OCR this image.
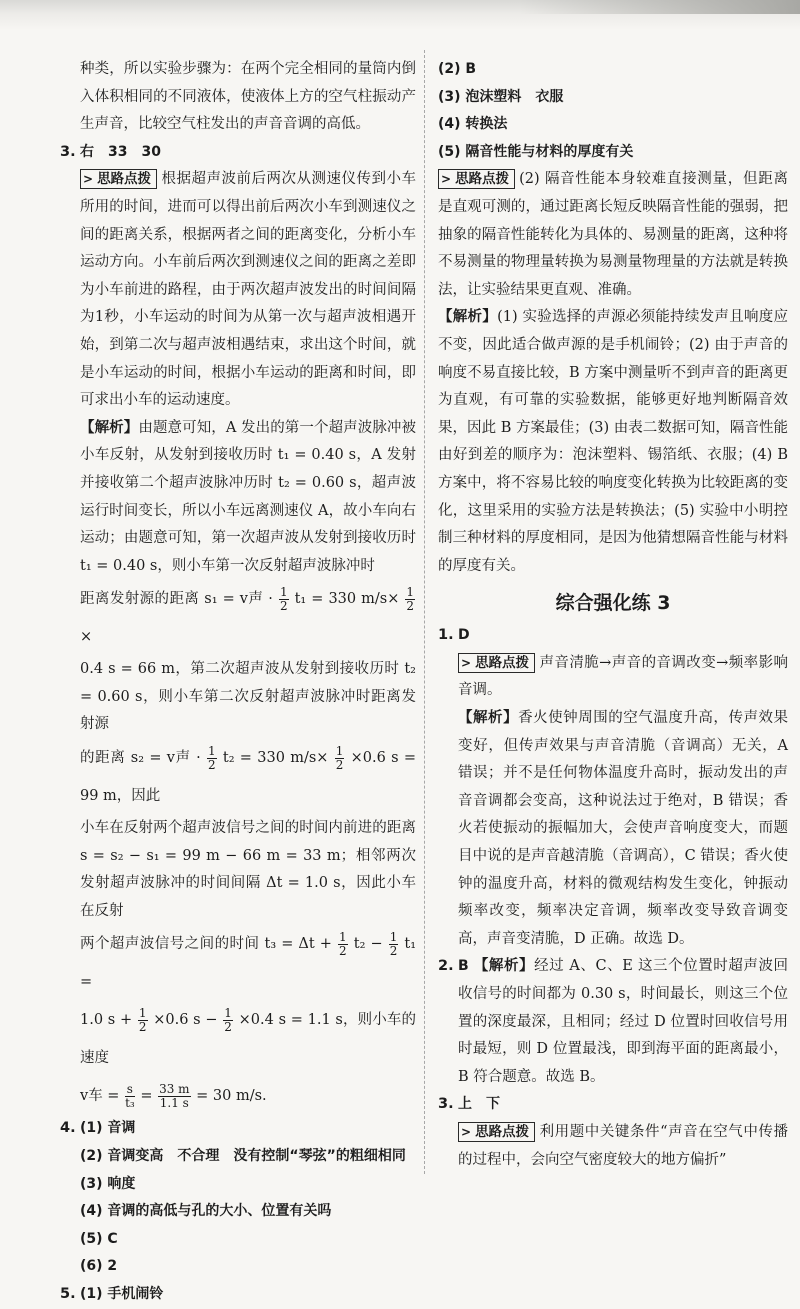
种类，所以实验步骤为：在两个完全相同的量筒内倒入体积相同的不同液体，使液体上方的空气柱振动产生声音，比较空气柱发出的声音音调的高低。

3. 右　33　30

> 思路点拨 根据超声波前后两次从测速仪传到小车所用的时间，进而可以得出前后两次小车到测速仪之间的距离关系，根据两者之间的距离变化，分析小车运动方向。小车前后两次到测速仪之间的距离之差即为小车前进的路程，由于两次超声波发出的时间间隔为1秒，小车运动的时间为从第一次与超声波相遇开始，到第二次与超声波相遇结束，求出这个时间，就是小车运动的时间，根据小车运动的距离和时间，即可求出小车的运动速度。

【解析】由题意可知，A 发出的第一个超声波脉冲被小车反射，从发射到接收历时 t₁ = 0.40 s，A 发射并接收第二个超声波脉冲历时 t₂ = 0.60 s，超声波运行时间变长，所以小车远离测速仪 A，故小车向右运动；由题意可知，第一次超声波从发射到接收历时 t₁ = 0.40 s，则小车第一次反射超声波脉冲时

距离发射源的距离 s₁ = v声 · $\frac{1}{2} t_1 = 330$ $m/s\times \frac{1}{2}$
×

0.4 s = 66 m，第二次超声波从发射到接收历时 t₂ = 0.60 s，则小车第二次反射超声波脉冲时距离发射源

的距离 s₂ = v声 · $\frac{1}{2} t_2 = 330$ $m/s\times \frac{1}{2} \times 0.6$ s = 99 m，因此

小车在反射两个超声波信号之间的时间内前进的距离 s = s₂ − s₁ = 99 m − 66 m = 33 m；相邻两次发射超声波脉冲的时间间隔 Δt = 1.0 s，因此小车在反射

两个超声波信号之间的时间 $t_3 = \Delta t + \frac{1}{2} t_2 - \frac{1}{2} t_1$ =

1.0 $s + \frac{1}{2} \times 0.6$ $s - \frac{1}{2} \times 0.4$ s = 1.1 s，则小车的速度

v车 = $\frac{s}{\text{t₃}} = \frac{33 m}{1.1 s} = 30$ m/s.

4. (1) 音调

(2) 音调变高　不合理　没有控制“琴弦”的粗细相同

(3) 响度

(4) 音调的高低与孔的大小、位置有关吗

(5) C

(6) 2

5. (1) 手机闹铃

(2) B

(3) 泡沫塑料　衣服

(4) 转换法

(5) 隔音性能与材料的厚度有关

> 思路点拨 (2) 隔音性能本身较难直接测量，但距离是直观可测的，通过距离长短反映隔音性能的强弱，把抽象的隔音性能转化为具体的、易测量的距离，这种将不易测量的物理量转换为易测量物理量的方法就是转换法，让实验结果更直观、准确。

【解析】(1) 实验选择的声源必须能持续发声且响度应不变，因此适合做声源的是手机闹铃；(2) 由于声音的响度不易直接比较，B 方案中测量听不到声音的距离更为直观，有可靠的实验数据，能够更好地判断隔音效果，因此 B 方案最佳；(3) 由表二数据可知，隔音性能由好到差的顺序为：泡沫塑料、锡箔纸、衣服；(4) B 方案中，将不容易比较的响度变化转换为比较距离的变化，这里采用的实验方法是转换法；(5) 实验中小明控制三种材料的厚度相同，是因为他猜想隔音性能与材料的厚度有关。

综合强化练 3

1. D

> 思路点拨 声音清脆→声音的音调改变→频率影响音调。

【解析】香火使钟周围的空气温度升高，传声效果变好，但传声效果与声音清脆（音调高）无关，A 错误；并不是任何物体温度升高时，振动发出的声音音调都会变高，这种说法过于绝对，B 错误；香火若使振动的振幅加大，会使声音响度变大，而题目中说的是声音越清脆（音调高），C 错误；香火使钟的温度升高，材料的微观结构发生变化，钟振动频率改变，频率决定音调，频率改变导致音调变高，声音变清脆，D 正确。故选 D。

2. B 【解析】经过 A、C、E 这三个位置时超声波回收信号的时间都为 0.30 s，时间最长，则这三个位置的深度最深，且相同；经过 D 位置时回收信号用时最短，则 D 位置最浅，即到海平面的距离最小，B 符合题意。故选 B。

3. 上　下

> 思路点拨 利用题中关键条件“声音在空气中传播的过程中，会向空气密度较大的地方偏折”
